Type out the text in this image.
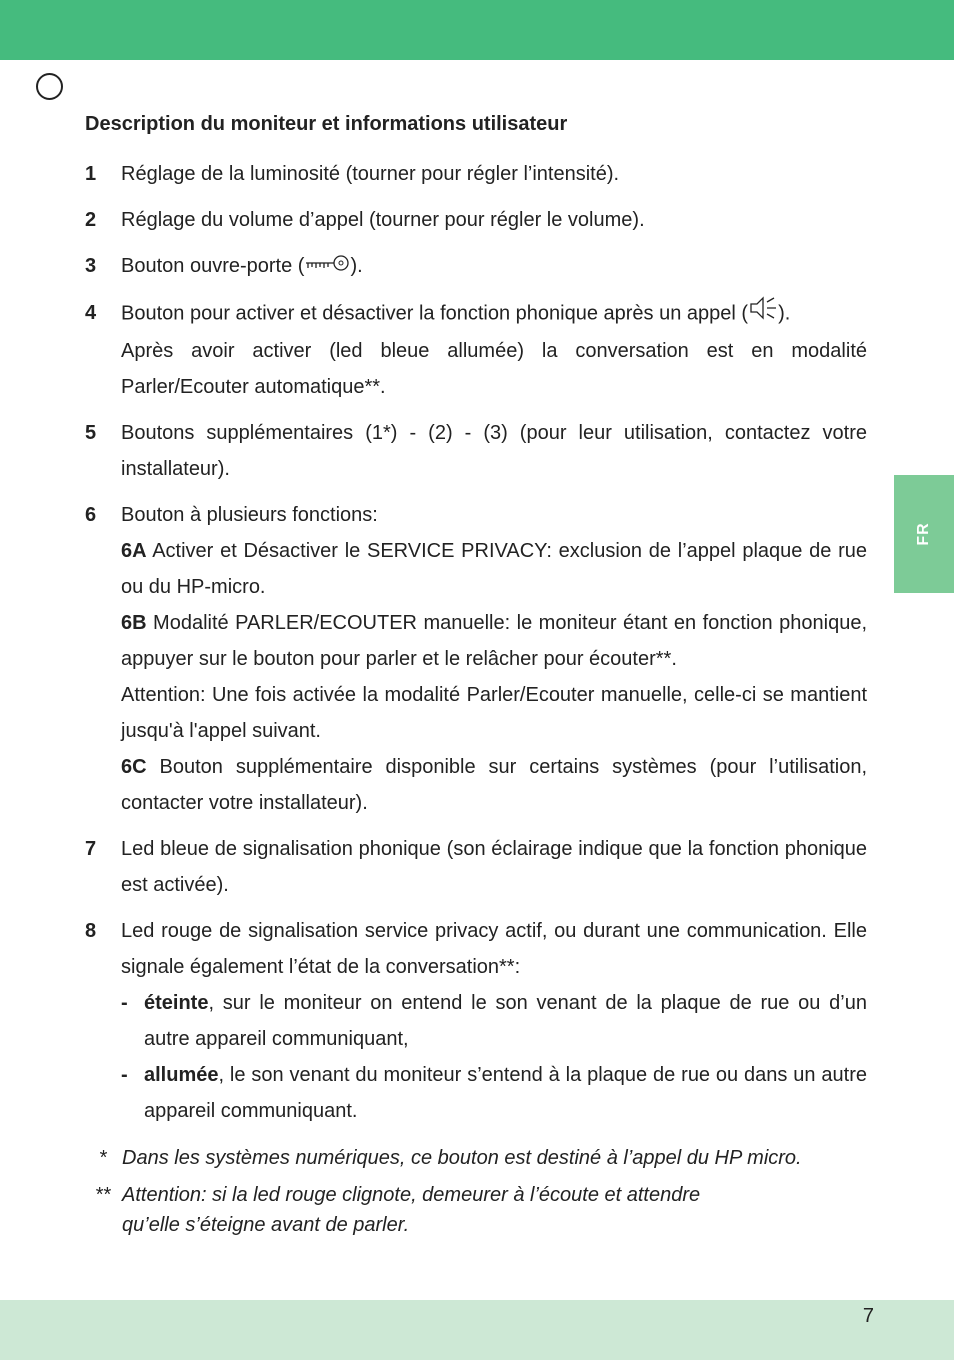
FR
Description du moniteur et informations utilisateur
1	Réglage de la luminosité (tourner pour régler l’intensité).
2	Réglage du volume d’appel (tourner pour régler le volume).
3	Bouton ouvre-porte ( ).
4	Bouton pour activer et désactiver la fonction phonique après un appel ( ).
Après avoir activer (led bleue allumée) la conversation est en modalité Parler/Ecouter automatique**.
5	Boutons supplémentaires (1*) - (2) - (3) (pour leur utilisation, contactez votre installateur).
6	Bouton à plusieurs fonctions:
6A Activer et Désactiver le SERVICE PRIVACY: exclusion de l’appel plaque de rue ou du HP-micro.
6B Modalité PARLER/ECOUTER manuelle: le moniteur étant en fonction phonique, appuyer sur le bouton pour parler et le relâcher pour écouter**.
Attention: Une fois activée la modalité Parler/Ecouter manuelle, celle-ci se mantient jusqu'à l'appel suivant.
6C Bouton supplémentaire disponible sur certains systèmes (pour l’utilisation, contacter votre installateur).
7	Led bleue de signalisation phonique (son éclairage indique que la fonction phonique est activée).
8	Led rouge de signalisation service privacy actif, ou durant une communication. Elle signale également l’état de la conversation**:
- éteinte, sur le moniteur on entend le son venant de la plaque de rue ou d’un autre appareil communiquant,
- allumée, le son venant du moniteur s’entend à la plaque de rue ou dans un autre appareil communiquant.
* Dans les systèmes numériques, ce bouton est destiné à l’appel du HP micro.
** Attention: si la led rouge clignote, demeurer à l’écoute et attendre
qu’elle s’éteigne avant de parler.
7
